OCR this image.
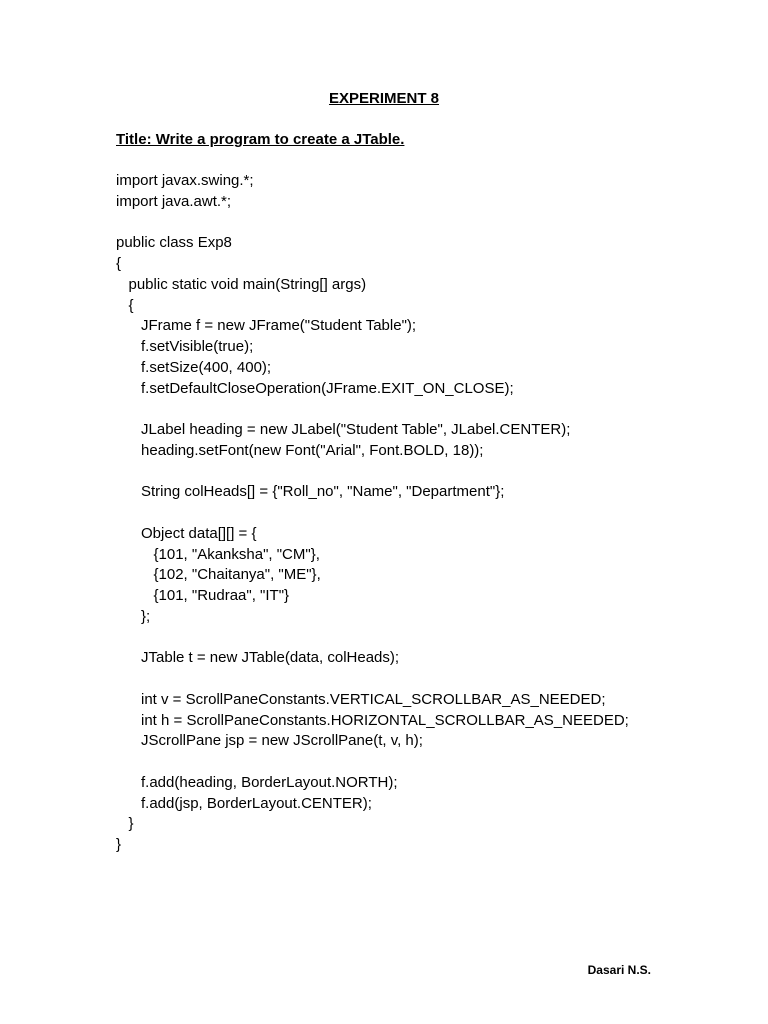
EXPERIMENT 8
Title: Write a program to create a JTable.
import javax.swing.*;
import java.awt.*;
public class Exp8
{
public static void main(String[] args)
{
JFrame f = new JFrame("Student Table");
f.setVisible(true);
f.setSize(400, 400);
f.setDefaultCloseOperation(JFrame.EXIT_ON_CLOSE);
JLabel heading = new JLabel("Student Table", JLabel.CENTER);
heading.setFont(new Font("Arial", Font.BOLD, 18));
String colHeads[] = {"Roll_no", "Name", "Department"};
Object data[][] = {
{101, "Akanksha", "CM"},
{102, "Chaitanya", "ME"},
{101, "Rudraa", "IT"}
};
JTable t = new JTable(data, colHeads);
int v = ScrollPaneConstants.VERTICAL_SCROLLBAR_AS_NEEDED;
int h = ScrollPaneConstants.HORIZONTAL_SCROLLBAR_AS_NEEDED;
JScrollPane jsp = new JScrollPane(t, v, h);
f.add(heading, BorderLayout.NORTH);
f.add(jsp, BorderLayout.CENTER);
}
}
Dasari N.S.
